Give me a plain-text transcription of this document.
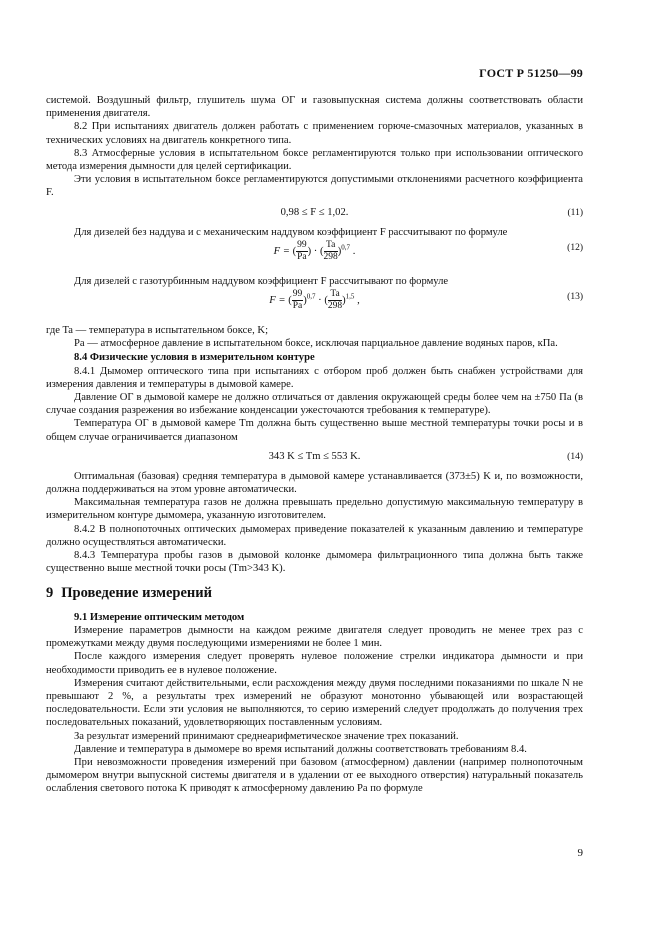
ГОСТ Р 51250—99

системой. Воздушный фильтр, глушитель шума ОГ и газовыпускная система должны соответствовать области применения двигателя.

8.2 При испытаниях двигатель должен работать с применением горюче-смазочных материалов, указанных в технических условиях на двигатель конкретного типа.

8.3 Атмосферные условия в испытательном боксе регламентируются только при использовании оптического метода измерения дымности для целей сертификации.

Эти условия в испытательном боксе регламентируются допустимыми отклонениями расчетного коэффициента F.

0,98 ≤ F ≤ 1,02.	(11)

Для дизелей без наддува и с механическим наддувом коэффициент F рассчитывают по формуле

F = ( $\frac{99}{Pa}$ ) · ( $\frac{Ta}{298} )^{0,7}$ .	(12)

Для дизелей с газотурбинным наддувом коэффициент F рассчитывают по формуле

F = ( $\frac{99}{Pa} )^{0,7}$ · ( $\frac{Ta}{298} )^{1,5}$ ,	(13)
где Ta —
температура в испытательном боксе, K;
Pa — атмосферное давление в испытательном боксе, исключая парциальное давление водяных паров, кПа.

8.4 Физические условия в измерительном контуре

8.4.1 Дымомер оптического типа при испытаниях с отбором проб должен быть снабжен устройствами для измерения давления и температуры в дымовой камере.

Давление ОГ в дымовой камере не должно отличаться от давления окружающей среды более чем на ±750 Па (в случае создания разрежения во избежание конденсации ужесточаются требования к температуре).

Температура ОГ в дымовой камере Tm должна быть существенно выше местной температуры точки росы и в общем случае ограничивается диапазоном

343 K ≤ Tm ≤ 553 K.	(14)

Оптимальная (базовая) средняя температура в дымовой камере устанавливается (373±5) K и, по возможности, должна поддерживаться на этом уровне автоматически.

Максимальная температура газов не должна превышать предельно допустимую максимальную температуру в измерительном контуре дымомера, указанную изготовителем.

8.4.2 В полнопоточных оптических дымомерах приведение показателей к указанным давлению и температуре должно осуществляться автоматически.

8.4.3 Температура пробы газов в дымовой колонке дымомера фильтрационного типа должна быть также существенно выше местной точки росы (Tm>343 K).

9 Проведение измерений

9.1 Измерение оптическим методом

Измерение параметров дымности на каждом режиме двигателя следует проводить не менее трех раз с промежутками между двумя последующими измерениями не более 1 мин.

После каждого измерения следует проверять нулевое положение стрелки индикатора дымности и при необходимости приводить ее в нулевое положение.

Измерения считают действительными, если расхождения между двумя последними показаниями по шкале N не превышают 2 %, а результаты трех измерений не образуют монотонно убывающей или возрастающей последовательности. Если эти условия не выполняются, то серию измерений следует продолжать до получения трех последовательных показаний, удовлетворяющих поставленным условиям.

За результат измерений принимают среднеарифметическое значение трех показаний.

Давление и температура в дымомере во время испытаний должны соответствовать требованиям 8.4.

При невозможности проведения измерений при базовом (атмосферном) давлении (например полнопоточным дымомером внутри выпускной системы двигателя и в удалении от ее выходного отверстия) натуральный показатель ослабления светового потока K приводят к атмосферному давлению Pa по формуле

9
